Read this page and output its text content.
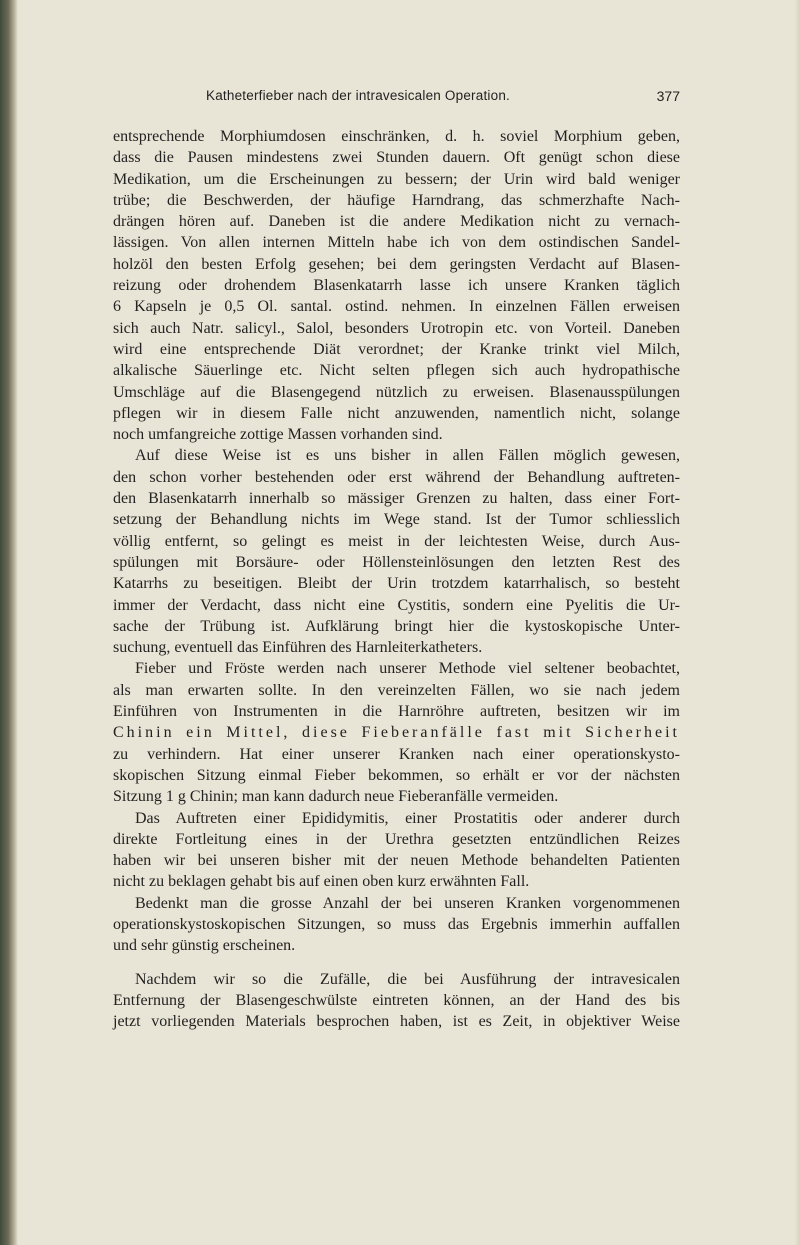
Katheterfieber nach der intravesicalen Operation.	377
entsprechende Morphiumdosen einschränken, d. h. soviel Morphium geben,
dass die Pausen mindestens zwei Stunden dauern. Oft genügt schon diese
Medikation, um die Erscheinungen zu bessern; der Urin wird bald weniger
trübe; die Beschwerden, der häufige Harndrang, das schmerzhafte Nach-
drängen hören auf. Daneben ist die andere Medikation nicht zu vernach-
lässigen. Von allen internen Mitteln habe ich von dem ostindischen Sandel-
holzöl den besten Erfolg gesehen; bei dem geringsten Verdacht auf Blasen-
reizung oder drohendem Blasenkatarrh lasse ich unsere Kranken täglich
6 Kapseln je 0,5 Ol. santal. ostind. nehmen. In einzelnen Fällen erweisen
sich auch Natr. salicyl., Salol, besonders Urotropin etc. von Vorteil. Daneben
wird eine entsprechende Diät verordnet; der Kranke trinkt viel Milch,
alkalische Säuerlinge etc. Nicht selten pflegen sich auch hydropathische
Umschläge auf die Blasengegend nützlich zu erweisen. Blasenausspülungen
pflegen wir in diesem Falle nicht anzuwenden, namentlich nicht, solange
noch umfangreiche zottige Massen vorhanden sind.
Auf diese Weise ist es uns bisher in allen Fällen möglich gewesen,
den schon vorher bestehenden oder erst während der Behandlung auftreten-
den Blasenkatarrh innerhalb so mässiger Grenzen zu halten, dass einer Fort-
setzung der Behandlung nichts im Wege stand. Ist der Tumor schliesslich
völlig entfernt, so gelingt es meist in der leichtesten Weise, durch Aus-
spülungen mit Borsäure- oder Höllensteinlösungen den letzten Rest des
Katarrhs zu beseitigen. Bleibt der Urin trotzdem katarrhalisch, so besteht
immer der Verdacht, dass nicht eine Cystitis, sondern eine Pyelitis die Ur-
sache der Trübung ist. Aufklärung bringt hier die kystoskopische Unter-
suchung, eventuell das Einführen des Harnleiterkatheters.
Fieber und Fröste werden nach unserer Methode viel seltener beobachtet,
als man erwarten sollte. In den vereinzelten Fällen, wo sie nach jedem
Einführen von Instrumenten in die Harnröhre auftreten, besitzen wir im
Chinin ein Mittel, diese Fieberanfälle fast mit Sicherheit
zu verhindern. Hat einer unserer Kranken nach einer operationskysto-
skopischen Sitzung einmal Fieber bekommen, so erhält er vor der nächsten
Sitzung 1 g Chinin; man kann dadurch neue Fieberanfälle vermeiden.
Das Auftreten einer Epididymitis, einer Prostatitis oder anderer durch
direkte Fortleitung eines in der Urethra gesetzten entzündlichen Reizes
haben wir bei unseren bisher mit der neuen Methode behandelten Patienten
nicht zu beklagen gehabt bis auf einen oben kurz erwähnten Fall.
Bedenkt man die grosse Anzahl der bei unseren Kranken vorgenommenen
operationskystoskopischen Sitzungen, so muss das Ergebnis immerhin auffallen
und sehr günstig erscheinen.
Nachdem wir so die Zufälle, die bei Ausführung der intravesicalen
Entfernung der Blasengeschwülste eintreten können, an der Hand des bis
jetzt vorliegenden Materials besprochen haben, ist es Zeit, in objektiver Weise
